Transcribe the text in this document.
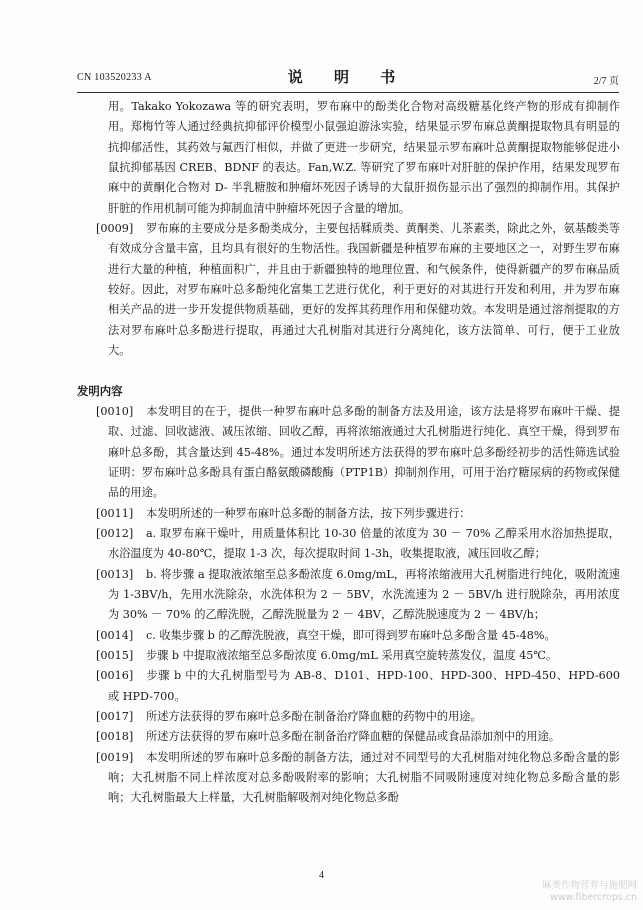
CN 103520233 A	说 明 书	2/7 页

用。Takako Yokozawa 等的研究表明，罗布麻中的酚类化合物对高级糖基化终产物的形成有抑制作用。郑梅竹等人通过经典抗抑郁评价模型小鼠强迫游泳实验，结果显示罗布麻总黄酮提取物具有明显的抗抑郁活性，其药效与氟西汀相似，并做了更进一步研究，结果显示罗布麻叶总黄酮提取物能够促进小鼠抗抑郁基因 CREB、BDNF 的表达。Fan,W.Z. 等研究了罗布麻叶对肝脏的保护作用，结果发现罗布麻中的黄酮化合物对 D- 半乳糖胺和肿瘤坏死因子诱导的大鼠肝损伤显示出了强烈的抑制作用。其保护肝脏的作用机制可能为抑制血清中肿瘤坏死因子含量的增加。

[0009] 罗布麻的主要成分是多酚类成分，主要包括鞣质类、黄酮类、儿茶素类，除此之外，氨基酸类等有效成分含量丰富，且均具有很好的生物活性。我国新疆是种植罗布麻的主要地区之一，对野生罗布麻进行大量的种植，种植面积广，并且由于新疆独特的地理位置、和气候条件，使得新疆产的罗布麻品质较好。因此，对罗布麻叶总多酚纯化富集工艺进行优化，利于更好的对其进行开发和利用，并为罗布麻相关产品的进一步开发提供物质基础，更好的发挥其药理作用和保健功效。本发明是通过溶剂提取的方法对罗布麻叶总多酚进行提取，再通过大孔树脂对其进行分离纯化，该方法简单、可行，便于工业放大。

发明内容

[0010] 本发明目的在于，提供一种罗布麻叶总多酚的制备方法及用途，该方法是将罗布麻叶干燥、提取、过滤、回收滤液、减压浓缩、回收乙醇，再将浓缩液通过大孔树脂进行纯化、真空干燥，得到罗布麻叶总多酚，其含量达到 45-48%。通过本发明所述方法获得的罗布麻叶总多酚经初步的活性筛选试验证明：罗布麻叶总多酚具有蛋白酪氨酸磷酸酶（PTP1B）抑制剂作用，可用于治疗糖尿病的药物或保健品的用途。

[0011] 本发明所述的一种罗布麻叶总多酚的制备方法，按下列步骤进行：

[0012] a. 取罗布麻干燥叶，用质量体积比 10-30 倍量的浓度为 30 － 70% 乙醇采用水浴加热提取，水浴温度为 40-80℃，提取 1-3 次，每次提取时间 1-3h，收集提取液，减压回收乙醇；

[0013] b. 将步骤 a 提取液浓缩至总多酚浓度 6.0mg/mL，再将浓缩液用大孔树脂进行纯化，吸附流速为 1-3BV/h，先用水洗除杂，水洗体积为 2 － 5BV，水洗流速为 2 － 5BV/h 进行脱除杂，再用浓度为 30% － 70% 的乙醇洗脱，乙醇洗脱量为 2 － 4BV，乙醇洗脱速度为 2 － 4BV/h；

[0014] c. 收集步骤 b 的乙醇洗脱液，真空干燥，即可得到罗布麻叶总多酚含量 45-48%。

[0015] 步骤 b 中提取液浓缩至总多酚浓度 6.0mg/mL 采用真空旋转蒸发仪，温度 45℃。

[0016] 步骤 b 中的大孔树脂型号为 AB-8、D101、HPD-100、HPD-300、HPD-450、HPD-600 或 HPD-700。

[0017] 所述方法获得的罗布麻叶总多酚在制备治疗降血糖的药物中的用途。

[0018] 所述方法获得的罗布麻叶总多酚在制备治疗降血糖的保健品或食品添加剂中的用途。

[0019] 本发明所述的罗布麻叶总多酚的制备方法，通过对不同型号的大孔树脂对纯化物总多酚含量的影响；大孔树脂不同上样浓度对总多酚吸附率的影响；大孔树脂不同吸附速度对纯化物总多酚含量的影响；大孔树脂最大上样量，大孔树脂解吸剂对纯化物总多酚

4
麻类作物营养与施肥网
www.fibercrops.cn
